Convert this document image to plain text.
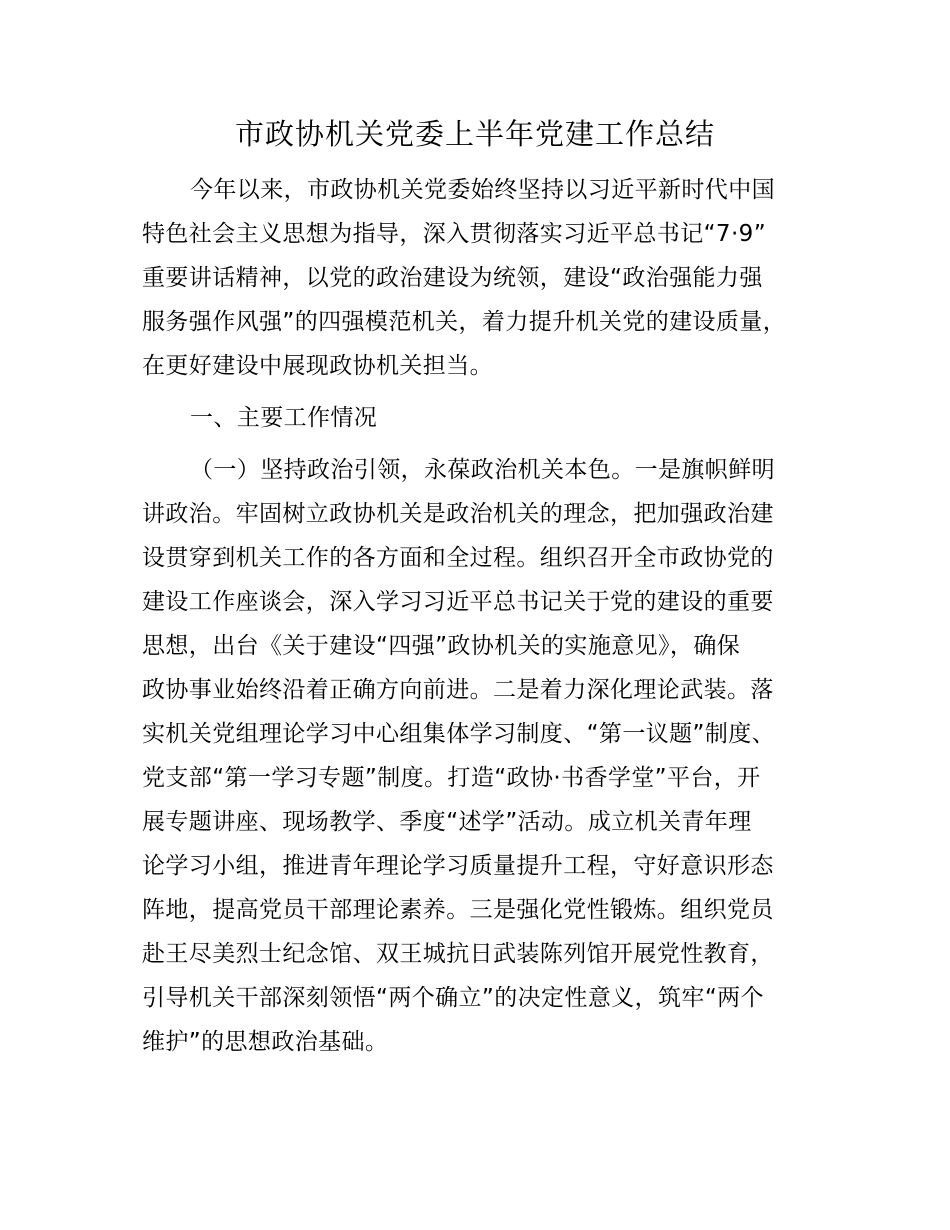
市政协机关党委上半年党建工作总结
今年以来，市政协机关党委始终坚持以习近平新时代中国
特色社会主义思想为指导，深入贯彻落实习近平总书记“7·9”
重要讲话精神，以党的政治建设为统领，建设“政治强能力强
服务强作风强”的四强模范机关，着力提升机关党的建设质量，
在更好建设中展现政协机关担当。
一、主要工作情况
（一）坚持政治引领，永葆政治机关本色。一是旗帜鲜明
讲政治。牢固树立政协机关是政治机关的理念，把加强政治建
设贯穿到机关工作的各方面和全过程。组织召开全市政协党的
建设工作座谈会，深入学习习近平总书记关于党的建设的重要
思想，出台《关于建设“四强”政协机关的实施意见》，确保
政协事业始终沿着正确方向前进。二是着力深化理论武装。落
实机关党组理论学习中心组集体学习制度、“第一议题”制度、
党支部“第一学习专题”制度。打造“政协·书香学堂”平台，开
展专题讲座、现场教学、季度“述学”活动。成立机关青年理
论学习小组，推进青年理论学习质量提升工程，守好意识形态
阵地，提高党员干部理论素养。三是强化党性锻炼。组织党员
赴王尽美烈士纪念馆、双王城抗日武装陈列馆开展党性教育，
引导机关干部深刻领悟“两个确立”的决定性意义，筑牢“两个
维护”的思想政治基础。
